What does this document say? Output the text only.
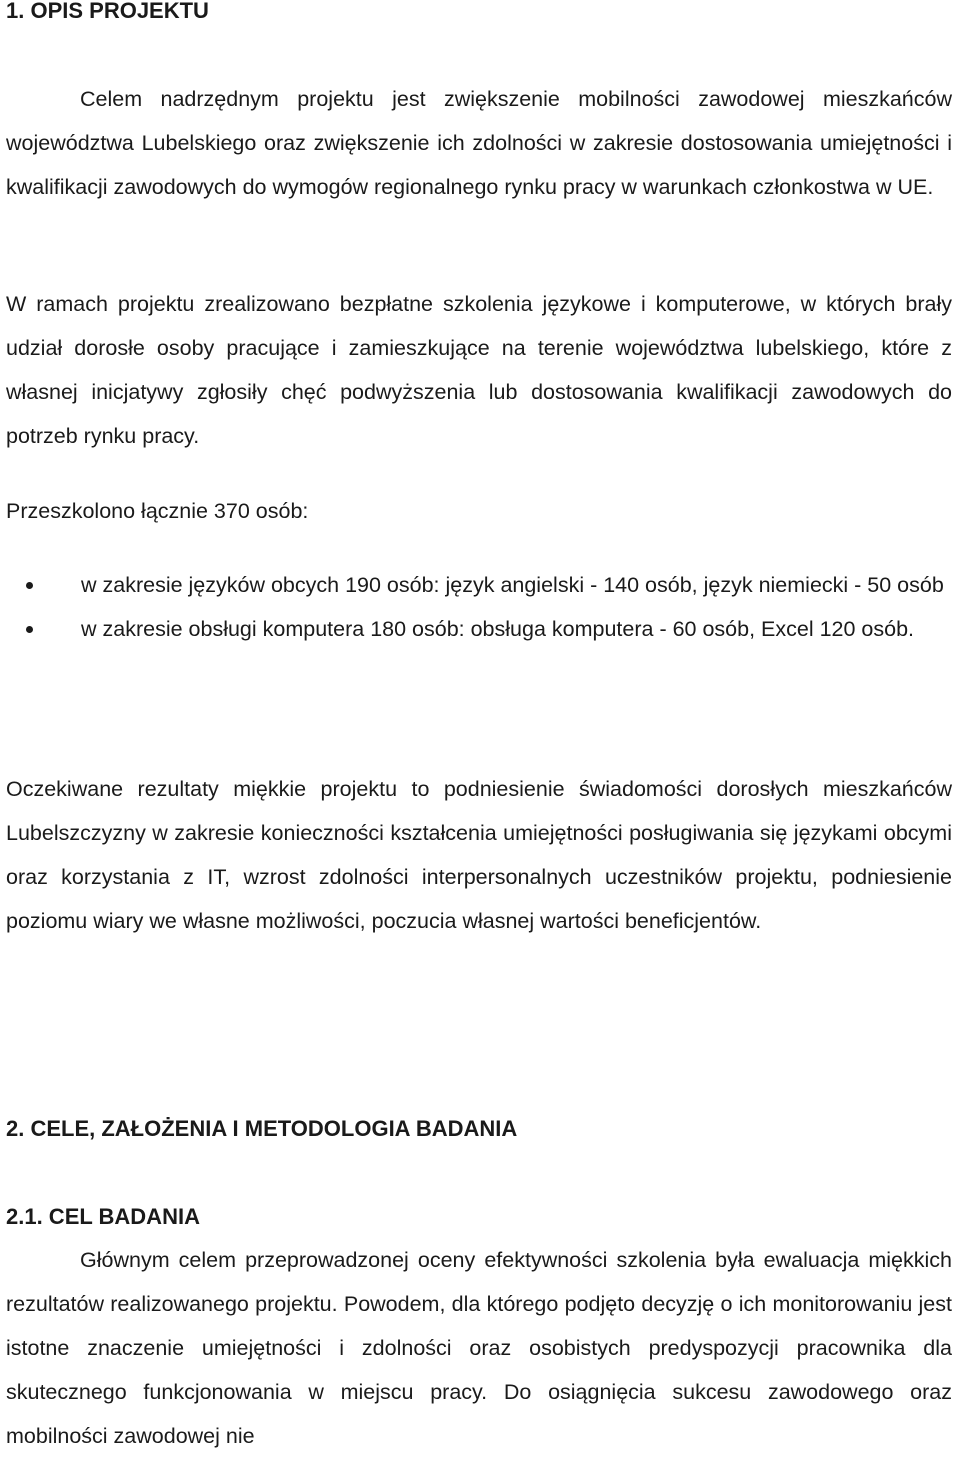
1. OPIS PROJEKTU

Celem nadrzędnym projektu jest zwiększenie mobilności zawodowej mieszkańców województwa Lubelskiego oraz zwiększenie ich zdolności w zakresie dostosowania umiejętności i kwalifikacji zawodowych do wymogów regionalnego rynku pracy w warunkach członkostwa w UE.

W ramach projektu zrealizowano bezpłatne szkolenia językowe i komputerowe, w których brały udział dorosłe osoby pracujące i zamieszkujące na terenie województwa lubelskiego, które z własnej inicjatywy zgłosiły chęć podwyższenia lub dostosowania kwalifikacji zawodowych do potrzeb rynku pracy.

Przeszkolono łącznie 370 osób:
w zakresie języków obcych 190 osób: język angielski - 140 osób, język niemiecki - 50 osób
w zakresie obsługi komputera 180 osób: obsługa komputera - 60 osób, Excel 120 osób.

Oczekiwane rezultaty miękkie projektu to podniesienie świadomości dorosłych mieszkańców Lubelszczyzny w zakresie konieczności kształcenia umiejętności posługiwania się językami obcymi oraz korzystania z IT, wzrost zdolności interpersonalnych uczestników projektu, podniesienie poziomu wiary we własne możliwości, poczucia własnej wartości beneficjentów.

2. CELE, ZAŁOŻENIA I METODOLOGIA BADANIA
2.1. CEL BADANIA

Głównym celem przeprowadzonej oceny efektywności szkolenia była ewaluacja miękkich rezultatów realizowanego projektu. Powodem, dla którego podjęto decyzję o ich monitorowaniu jest istotne znaczenie umiejętności i zdolności oraz osobistych predyspozycji pracownika dla skutecznego funkcjonowania w miejscu pracy. Do osiągnięcia sukcesu zawodowego oraz mobilności zawodowej nie
